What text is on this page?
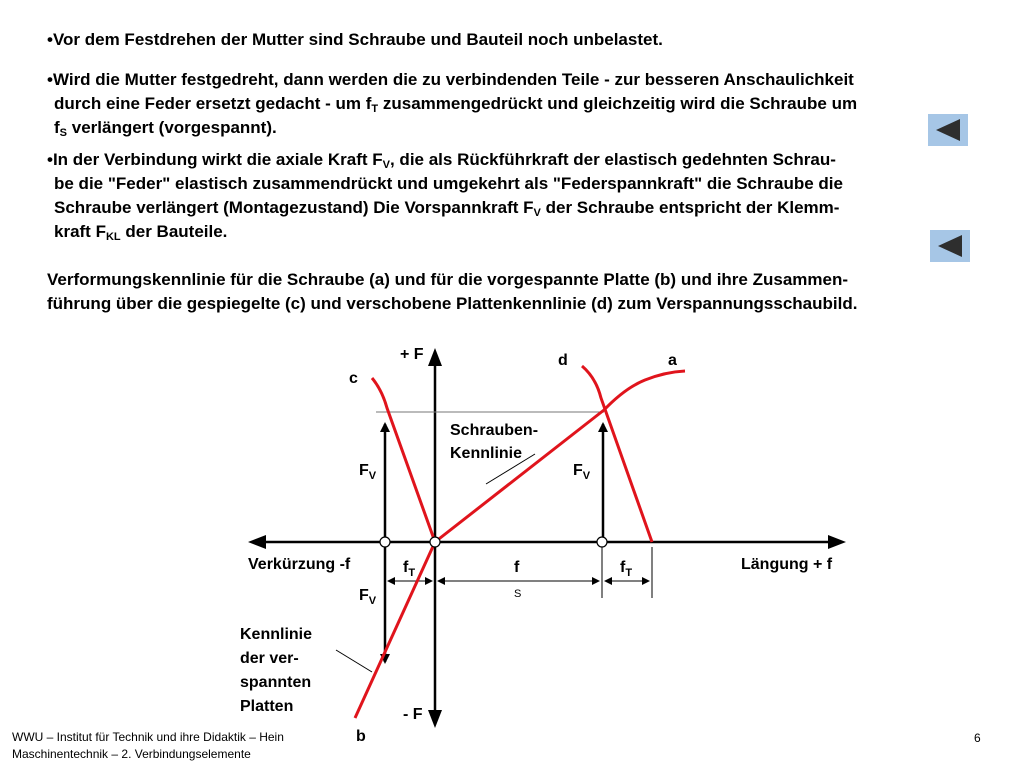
•Vor dem Festdrehen der Mutter sind Schraube und Bauteil noch unbelastet.
•Wird die Mutter festgedreht, dann werden die zu verbindenden Teile - zur besseren Anschaulichkeit
durch eine Feder ersetzt gedacht - um $f_T$ zusammengedrückt und gleichzeitig wird die Schraube um
$f_S$ verlängert (vorgespannt).
•In der Verbindung wirkt die axiale Kraft $F_V$, die als Rückführkraft der elastisch gedehnten Schrau-
be die "Feder" elastisch zusammendrückt und umgekehrt als "Federspannkraft" die Schraube die
Schraube verlängert (Montagezustand) Die Vorspannkraft $F_V$ der Schraube entspricht der Klemm-
kraft $F_{KL}$ der Bauteile.
Verformungskennlinie für die Schraube (a) und für die vorgespannte Platte (b) und ihre Zusammen-
führung über die gespiegelte (c) und verschobene Plattenkennlinie (d) zum Verspannungsschaubild.
+ F
- F
c
d	a
b
Schrauben-
Kennlinie
$F_V$	$F_V$
$F_V$
Verkürzung -f	Längung + f
$f_T$	$f_T$
f
S
Kennlinie
der ver-
spannten
Platten
WWU – Institut für Technik und ihre Didaktik – Hein
Maschinentechnik – 2. Verbindungselemente
6
